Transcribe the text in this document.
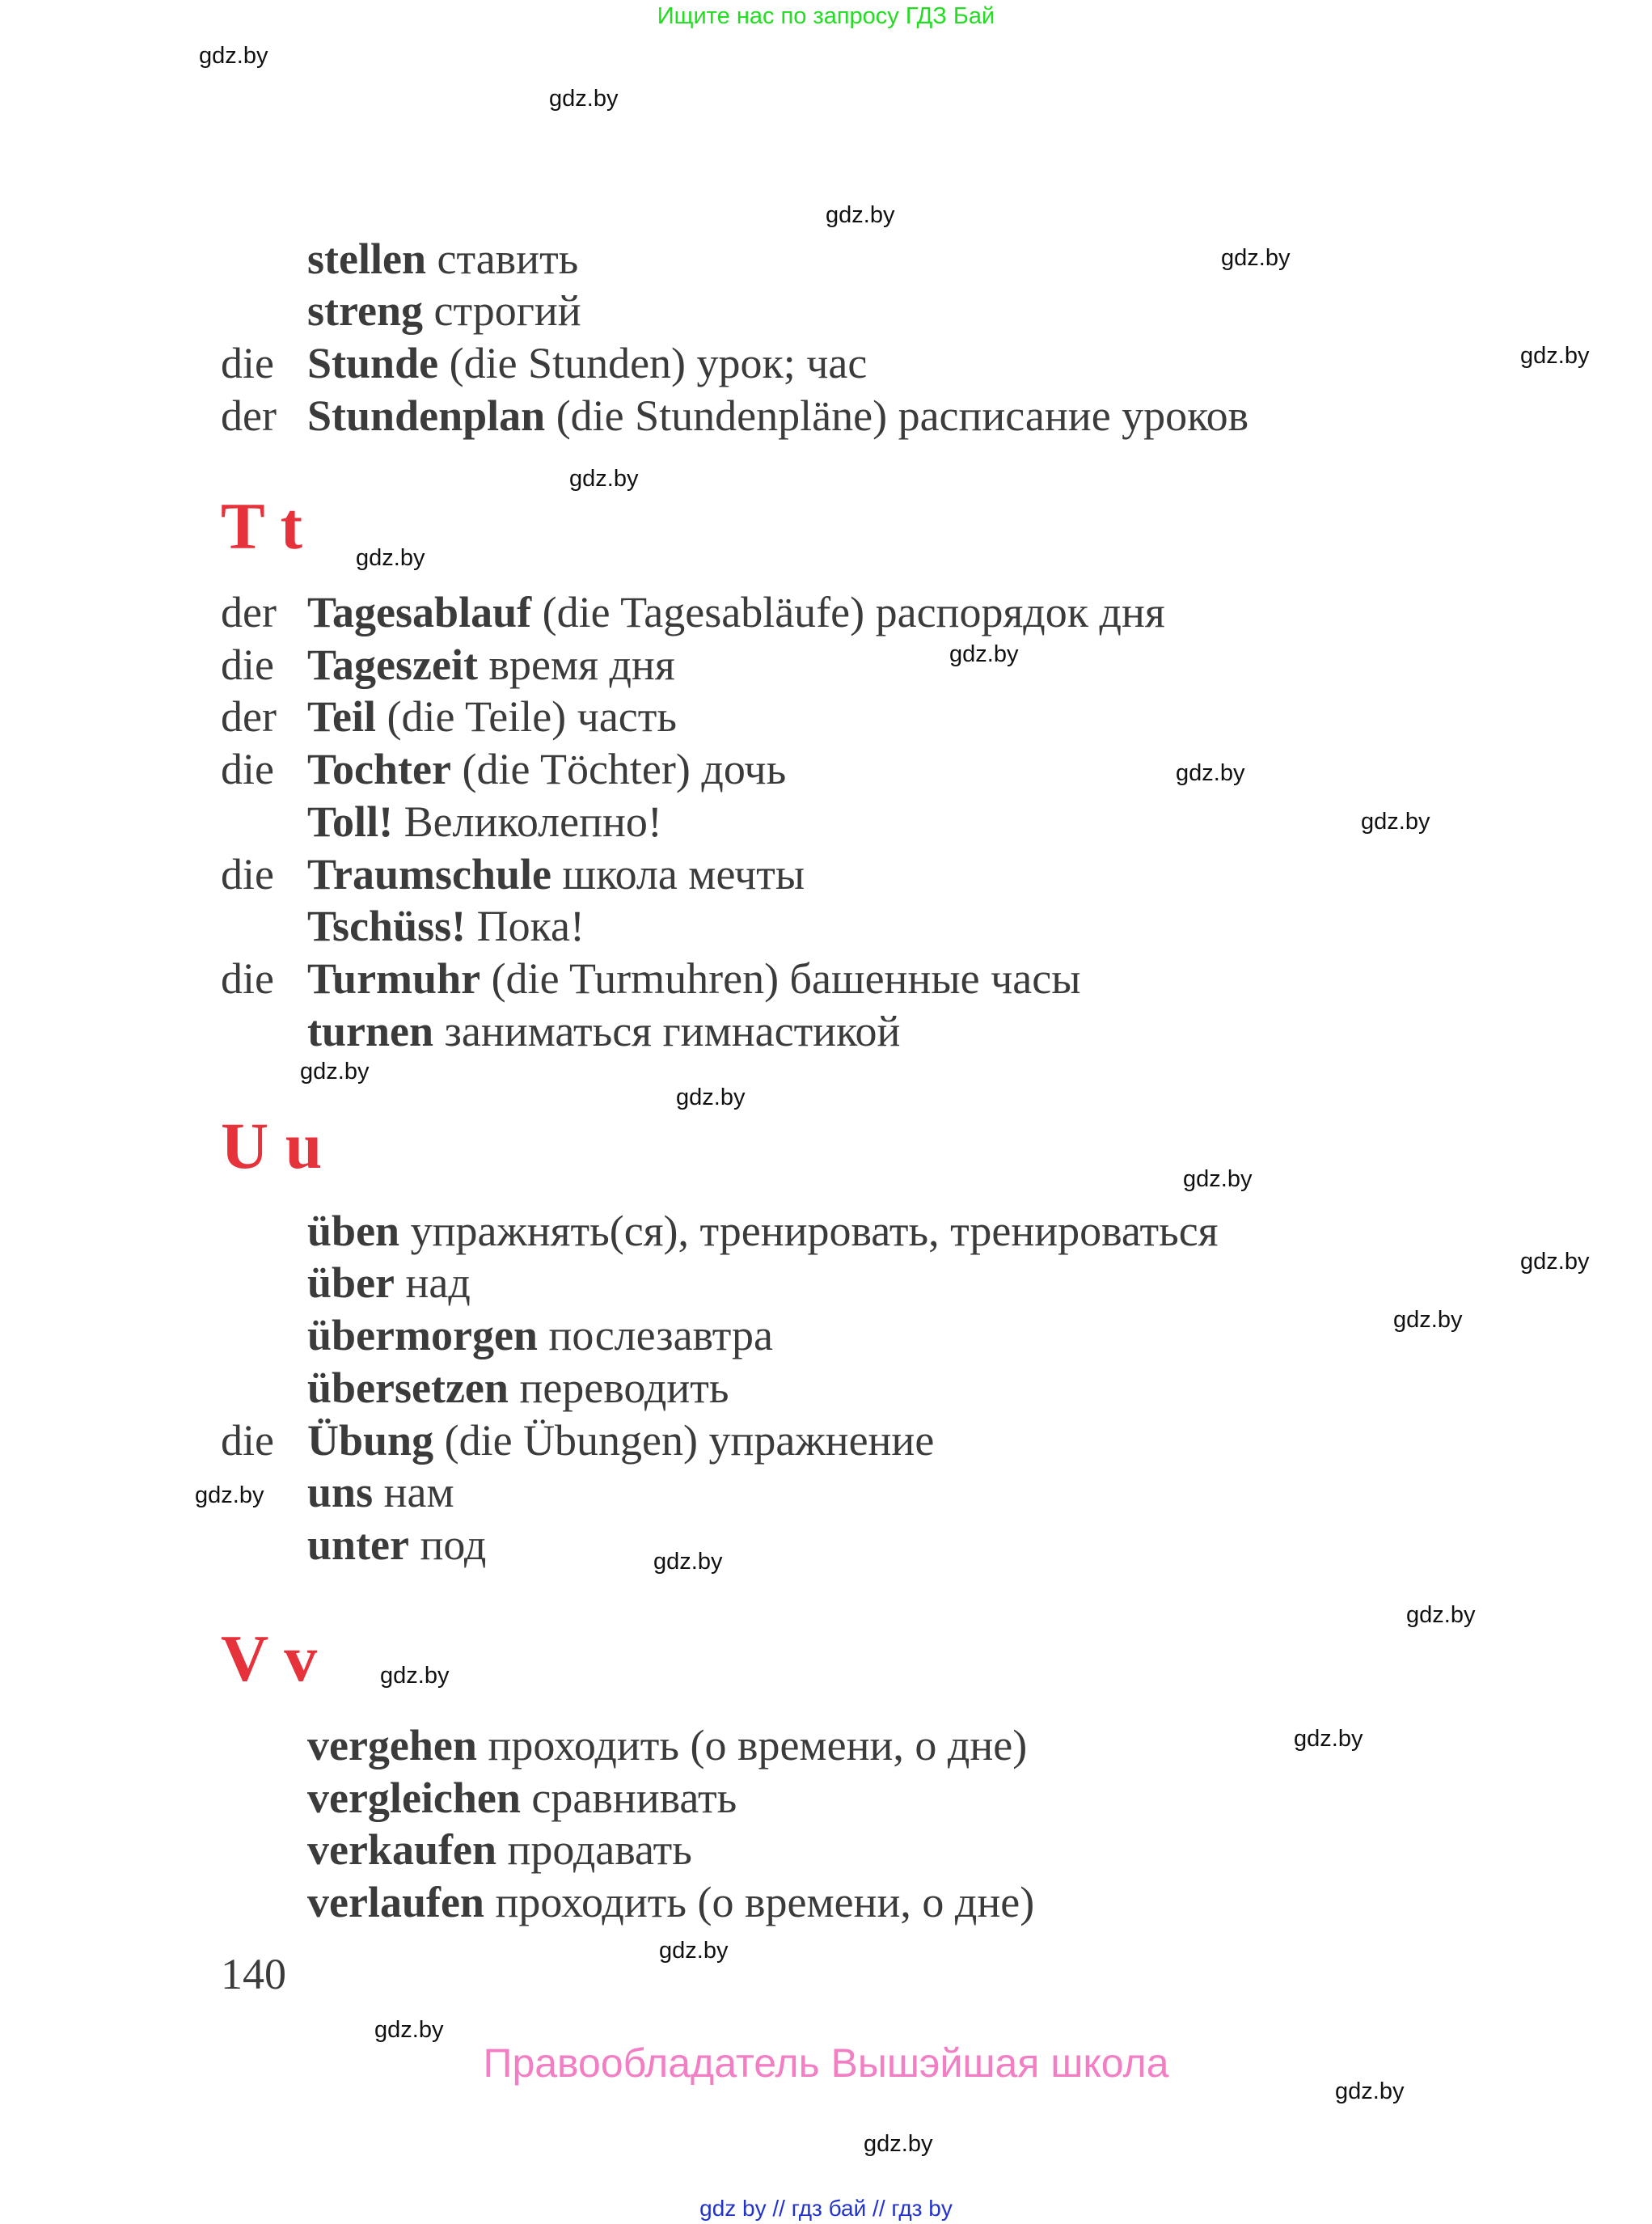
Ищите нас по запросу ГДЗ Бай
stellen ставить
streng строгий
die Stunde (die Stunden) урок; час
der Stundenplan (die Stundenpläne) расписание уроков
T t
der Tagesablauf (die Tagesabläufe) распорядок дня
die Tageszeit время дня
der Teil (die Teile) часть
die Tochter (die Töchter) дочь
Toll! Великолепно!
die Traumschule школа мечты
Tschüss! Пока!
die Turmuhr (die Turmuhren) башенные часы
turnen заниматься гимнастикой
U u
üben упражнять(ся), тренировать, тренироваться
über над
übermorgen послезавтра
übersetzen переводить
die Übung (die Übungen) упражнение
uns нам
unter под
V v
vergehen проходить (о времени, о дне)
vergleichen сравнивать
verkaufen продавать
verlaufen проходить (о времени, о дне)
140
Правообладатель Вышэйшая школа
gdz by // гдз бай // гдз by
gdz.by
gdz.by
gdz.by
gdz.by
gdz.by
gdz.by
gdz.by
gdz.by
gdz.by
gdz.by
gdz.by
gdz.by
gdz.by
gdz.by
gdz.by
gdz.by
gdz.by
gdz.by
gdz.by
gdz.by
gdz.by
gdz.by
gdz.by
gdz.by
